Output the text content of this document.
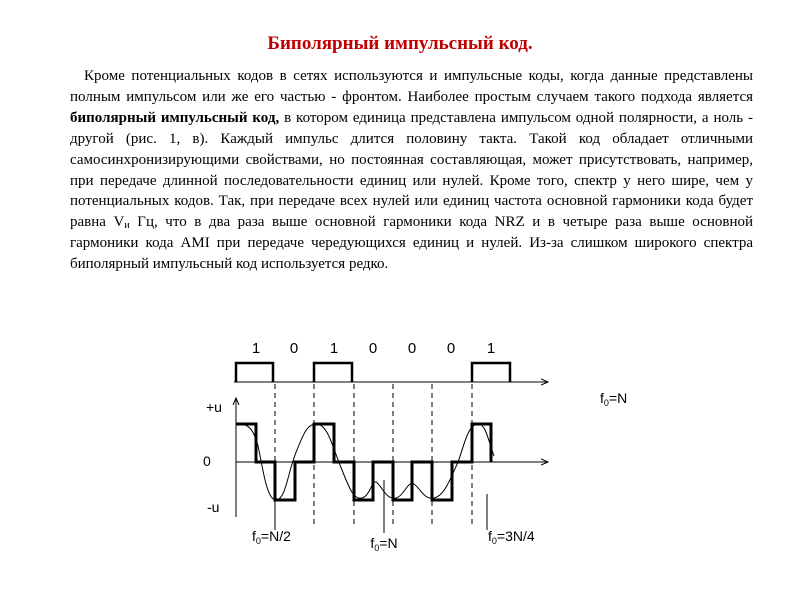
Биполярный импульсный код.

Кроме потенциальных кодов в сетях используются и импульсные коды, когда данные представлены полным импульсом или же его частью - фронтом. Наиболее простым случаем такого подхода является биполярный импульсный код, в котором единица представлена импульсом одной полярности, а ноль - другой (рис. 1, в). Каждый импульс длится половину такта. Такой код обладает отличными самосинхронизирующими свойствами, но постоянная составляющая, может присутствовать, например, при передаче длинной последовательности единиц или нулей. Кроме того, спектр у него шире, чем у потенциальных кодов. Так, при передаче всех нулей или единиц частота основной гармоники кода будет равна $V_и$ Гц, что в два раза выше основной гармоники кода NRZ и в четыре раза выше основной гармоники кода AMI при передаче чередующихся единиц и нулей. Из-за слишком широкого спектра биполярный импульсный код используется редко.

1 0 1 0 0 0 1
$f_0=N$
+u
0
-u
$f_0=N/2$	$f_0=N$	$f_0=3N/4$
